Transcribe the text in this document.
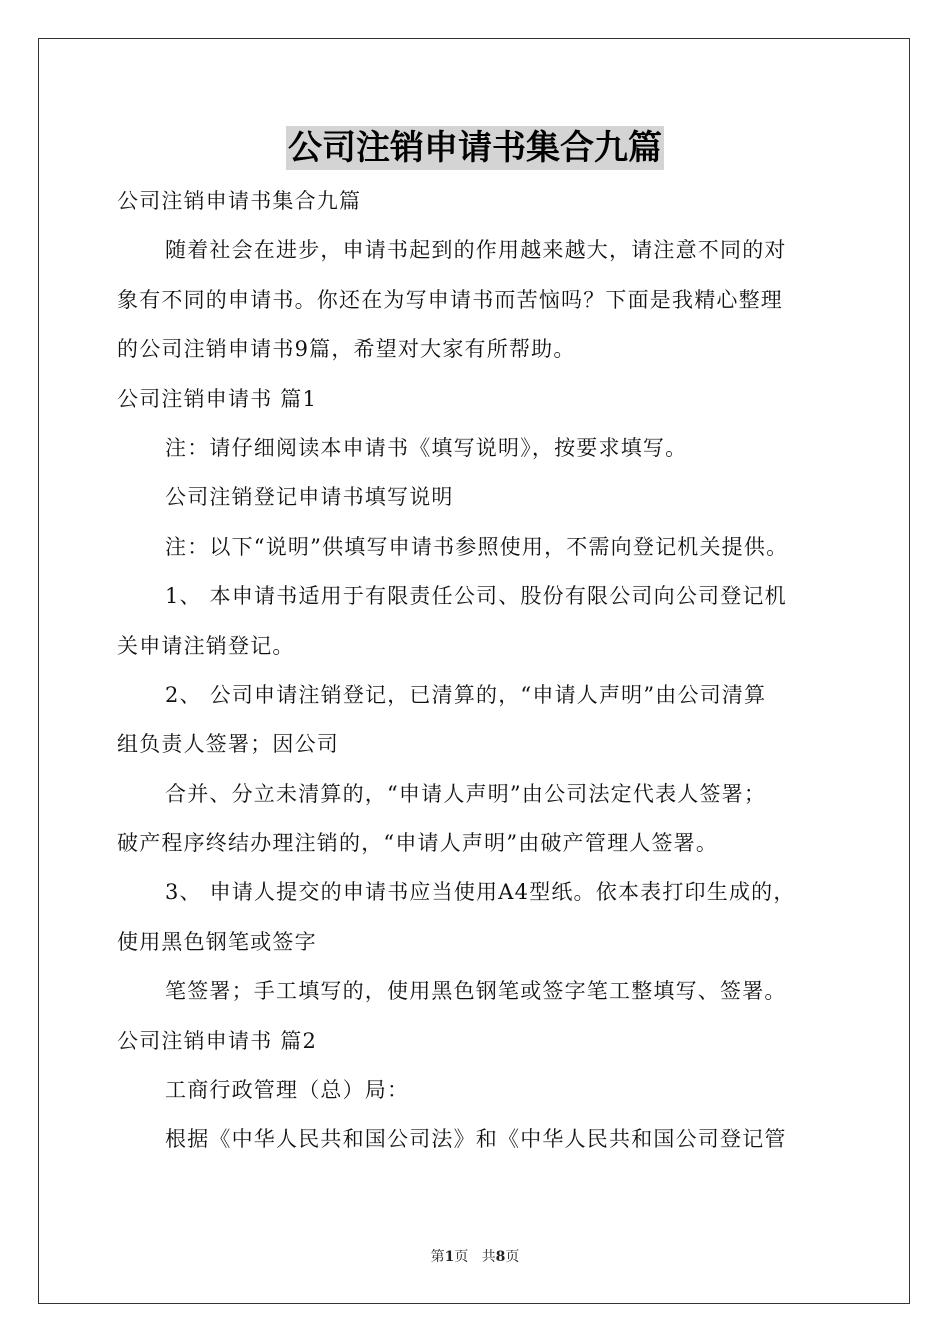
公司注销申请书集合九篇
公司注销申请书集合九篇
随着社会在进步，申请书起到的作用越来越大，请注意不同的对
象有不同的申请书。你还在为写申请书而苦恼吗？下面是我精心整理
的公司注销申请书9篇，希望对大家有所帮助。
公司注销申请书 篇1
注：请仔细阅读本申请书《填写说明》，按要求填写。
公司注销登记申请书填写说明
注：以下“说明”供填写申请书参照使用，不需向登记机关提供。
1、 本申请书适用于有限责任公司、股份有限公司向公司登记机
关申请注销登记。
2、 公司申请注销登记，已清算的，“申请人声明”由公司清算
组负责人签署；因公司
合并、分立未清算的，“申请人声明”由公司法定代表人签署；
破产程序终结办理注销的，“申请人声明”由破产管理人签署。
3、 申请人提交的申请书应当使用A4型纸。依本表打印生成的，
使用黑色钢笔或签字
笔签署；手工填写的，使用黑色钢笔或签字笔工整填写、签署。
公司注销申请书 篇2
工商行政管理（总）局：
根据《中华人民共和国公司法》和《中华人民共和国公司登记管
第1页 共8页
